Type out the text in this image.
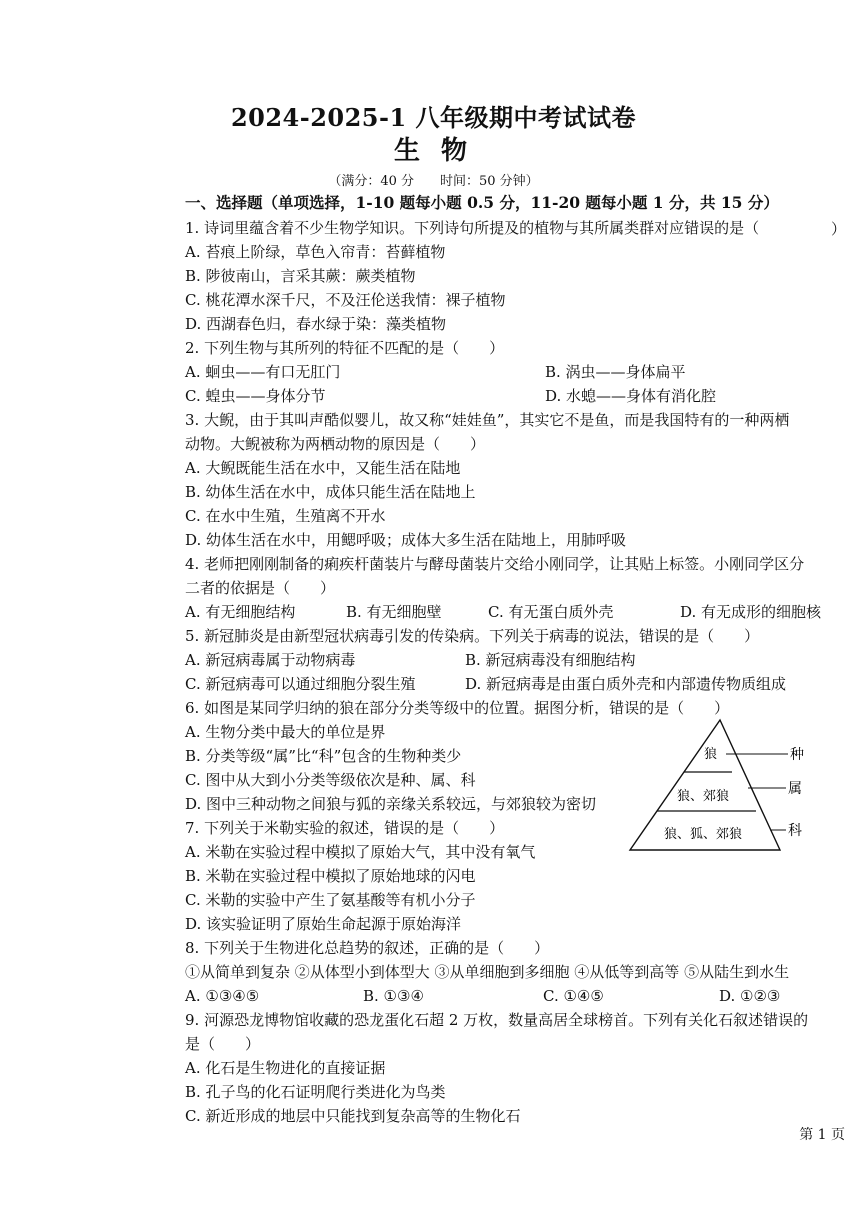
2024-2025-1 八年级期中考试试卷
生 物
（满分：40 分　　时间：50 分钟）
一、选择题（单项选择，1-10 题每小题 0.5 分，11-20 题每小题 1 分，共 15 分）
1. 诗词里蕴含着不少生物学知识。下列诗句所提及的植物与其所属类群对应错误的是（	）
A. 苔痕上阶绿，草色入帘青：苔藓植物
B. 陟彼南山，言采其蕨：蕨类植物
C. 桃花潭水深千尺，不及汪伦送我情：裸子植物
D. 西湖春色归，春水绿于染：藻类植物
2. 下列生物与其所列的特征不匹配的是（　　）
A. 蛔虫——有口无肛门	B. 涡虫——身体扁平
C. 蝗虫——身体分节	D. 水螅——身体有消化腔
3. 大鲵，由于其叫声酷似婴儿，故又称“娃娃鱼”，其实它不是鱼，而是我国特有的一种两栖
动物。大鲵被称为两栖动物的原因是（　　）
A. 大鲵既能生活在水中，又能生活在陆地
B. 幼体生活在水中，成体只能生活在陆地上
C. 在水中生殖，生殖离不开水
D. 幼体生活在水中，用鳃呼吸；成体大多生活在陆地上，用肺呼吸
4. 老师把刚刚制备的痢疾杆菌装片与酵母菌装片交给小刚同学，让其贴上标签。小刚同学区分
二者的依据是（　　）
A. 有无细胞结构	B. 有无细胞壁	C. 有无蛋白质外壳	D. 有无成形的细胞核
5. 新冠肺炎是由新型冠状病毒引发的传染病。下列关于病毒的说法，错误的是（　　）
A. 新冠病毒属于动物病毒	B. 新冠病毒没有细胞结构
C. 新冠病毒可以通过细胞分裂生殖	D. 新冠病毒是由蛋白质外壳和内部遗传物质组成
6. 如图是某同学归纳的狼在部分分类等级中的位置。据图分析，错误的是（　　）
A. 生物分类中最大的单位是界
B. 分类等级“属”比“科”包含的生物种类少
C. 图中从大到小分类等级依次是种、属、科
D. 图中三种动物之间狼与狐的亲缘关系较远，与郊狼较为密切
狼
狼、郊狼
狼、狐、郊狼
种
属
科
7. 下列关于米勒实验的叙述，错误的是（　　）
A. 米勒在实验过程中模拟了原始大气，其中没有氧气
B. 米勒在实验过程中模拟了原始地球的闪电
C. 米勒的实验中产生了氨基酸等有机小分子
D. 该实验证明了原始生命起源于原始海洋
8. 下列关于生物进化总趋势的叙述，正确的是（　　）
①从简单到复杂 ②从体型小到体型大 ③从单细胞到多细胞 ④从低等到高等 ⑤从陆生到水生
A. ①③④⑤	B. ①③④	C. ①④⑤	D. ①②③
9. 河源恐龙博物馆收藏的恐龙蛋化石超 2 万枚，数量高居全球榜首。下列有关化石叙述错误的
是（　　）
A. 化石是生物进化的直接证据
B. 孔子鸟的化石证明爬行类进化为鸟类
C. 新近形成的地层中只能找到复杂高等的生物化石
第 1 页
